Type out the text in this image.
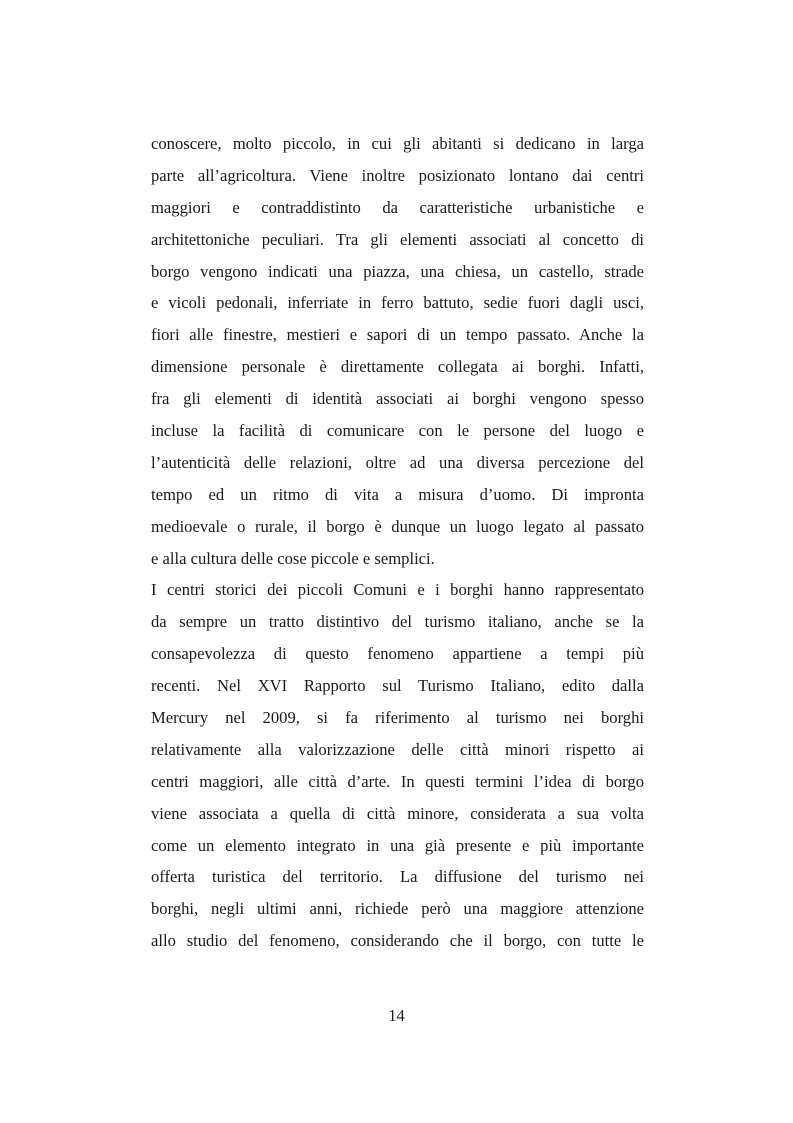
conoscere, molto piccolo, in cui gli abitanti si dedicano in larga
parte all’agricoltura. Viene inoltre posizionato lontano dai centri
maggiori e contraddistinto da caratteristiche urbanistiche e
architettoniche peculiari. Tra gli elementi associati al concetto di
borgo vengono indicati una piazza, una chiesa, un castello, strade
e vicoli pedonali, inferriate in ferro battuto, sedie fuori dagli usci,
fiori alle finestre, mestieri e sapori di un tempo passato. Anche la
dimensione personale è direttamente collegata ai borghi. Infatti,
fra gli elementi di identità associati ai borghi vengono spesso
incluse la facilità di comunicare con le persone del luogo e
l’autenticità delle relazioni, oltre ad una diversa percezione del
tempo ed un ritmo di vita a misura d’uomo. Di impronta
medioevale o rurale, il borgo è dunque un luogo legato al passato
e alla cultura delle cose piccole e semplici.
I centri storici dei piccoli Comuni e i borghi hanno rappresentato
da sempre un tratto distintivo del turismo italiano, anche se la
consapevolezza di questo fenomeno appartiene a tempi più
recenti. Nel XVI Rapporto sul Turismo Italiano, edito dalla
Mercury nel 2009, si fa riferimento al turismo nei borghi
relativamente alla valorizzazione delle città minori rispetto ai
centri maggiori, alle città d’arte. In questi termini l’idea di borgo
viene associata a quella di città minore, considerata a sua volta
come un elemento integrato in una già presente e più importante
offerta turistica del territorio. La diffusione del turismo nei
borghi, negli ultimi anni, richiede però una maggiore attenzione
allo studio del fenomeno, considerando che il borgo, con tutte le
14
